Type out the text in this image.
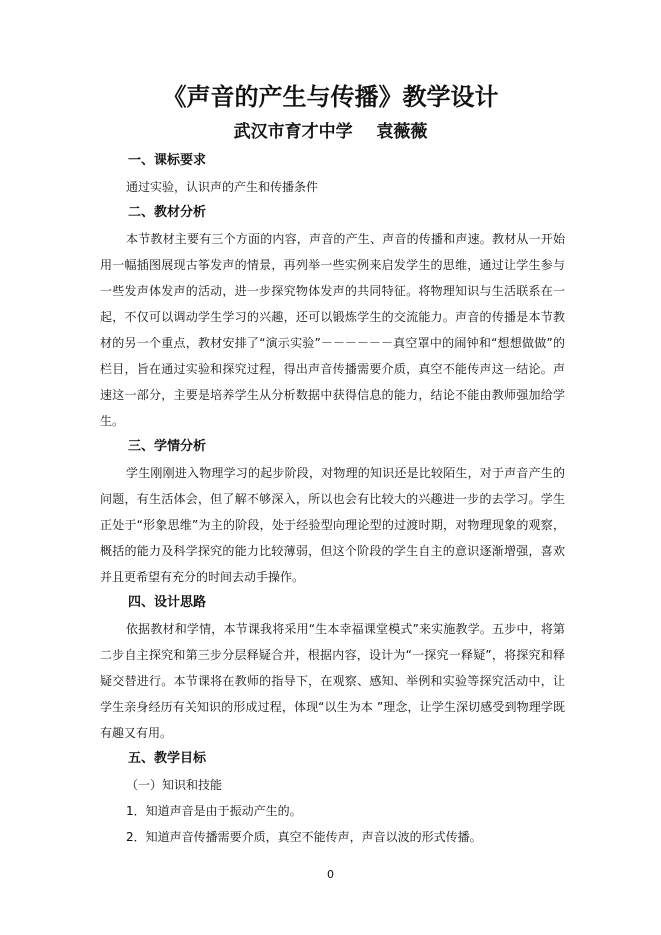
《声音的产生与传播》教学设计
武汉市育才中学    袁薇薇
一、课标要求
通过实验，认识声的产生和传播条件
二、教材分析
本节教材主要有三个方面的内容，声音的产生、声音的传播和声速。教材从一开始用一幅插图展现古筝发声的情景，再列举一些实例来启发学生的思维，通过让学生参与一些发声体发声的活动，进一步探究物体发声的共同特征。将物理知识与生活联系在一起，不仅可以调动学生学习的兴趣，还可以锻炼学生的交流能力。声音的传播是本节教材的另一个重点，教材安排了“演示实验”－－－－－－真空罩中的闹钟和“想想做做”的栏目，旨在通过实验和探究过程，得出声音传播需要介质，真空不能传声这一结论。声速这一部分，主要是培养学生从分析数据中获得信息的能力，结论不能由教师强加给学生。
三、学情分析
学生刚刚进入物理学习的起步阶段，对物理的知识还是比较陌生，对于声音产生的问题，有生活体会，但了解不够深入，所以也会有比较大的兴趣进一步的去学习。学生正处于“形象思维”为主的阶段，处于经验型向理论型的过渡时期，对物理现象的观察，概括的能力及科学探究的能力比较薄弱，但这个阶段的学生自主的意识逐渐增强，喜欢并且更希望有充分的时间去动手操作。
四、设计思路
依据教材和学情，本节课我将采用“生本幸福课堂模式”来实施教学。五步中，将第二步自主探究和第三步分层释疑合并，根据内容，设计为“一探究一释疑”，将探究和释疑交替进行。本节课将在教师的指导下，在观察、感知、举例和实验等探究活动中，让学生亲身经历有关知识的形成过程，体现“以生为本 ”理念，让学生深切感受到物理学既有趣又有用。
五、教学目标
（一）知识和技能
1．知道声音是由于振动产生的。
2．知道声音传播需要介质，真空不能传声，声音以波的形式传播。
0
